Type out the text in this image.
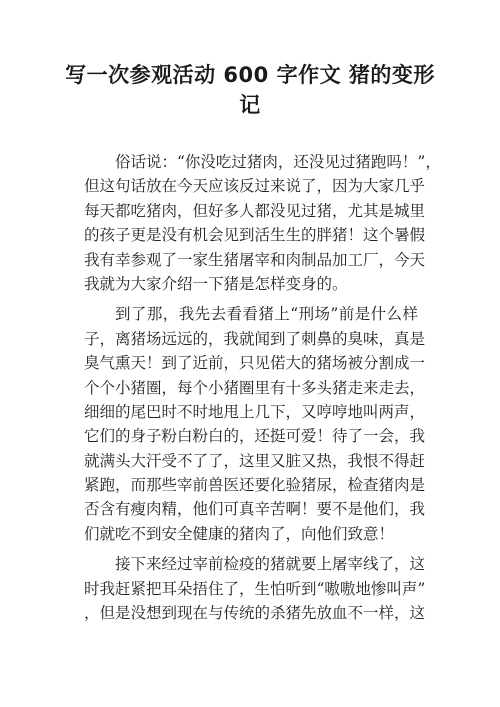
写一次参观活动 600 字作文 猪的变形
记
俗话说：“你没吃过猪肉，还没见过猪跑吗！”，
但这句话放在今天应该反过来说了，因为大家几乎
每天都吃猪肉，但好多人都没见过猪，尤其是城里
的孩子更是没有机会见到活生生的胖猪！这个暑假
我有幸参观了一家生猪屠宰和肉制品加工厂，今天
我就为大家介绍一下猪是怎样变身的。
到了那，我先去看看猪上“刑场”前是什么样
子，离猪场远远的，我就闻到了刺鼻的臭味，真是
臭气熏天！到了近前，只见偌大的猪场被分割成一
个个小猪圈，每个小猪圈里有十多头猪走来走去，
细细的尾巴时不时地甩上几下，又哼哼地叫两声，
它们的身子粉白粉白的，还挺可爱！待了一会，我
就满头大汗受不了了，这里又脏又热，我恨不得赶
紧跑，而那些宰前兽医还要化验猪尿，检查猪肉是
否含有瘦肉精，他们可真辛苦啊！要不是他们，我
们就吃不到安全健康的猪肉了，向他们致意！
接下来经过宰前检疫的猪就要上屠宰线了，这
时我赶紧把耳朵捂住了，生怕听到“嗷嗷地惨叫声”
，但是没想到现在与传统的杀猪先放血不一样，这
